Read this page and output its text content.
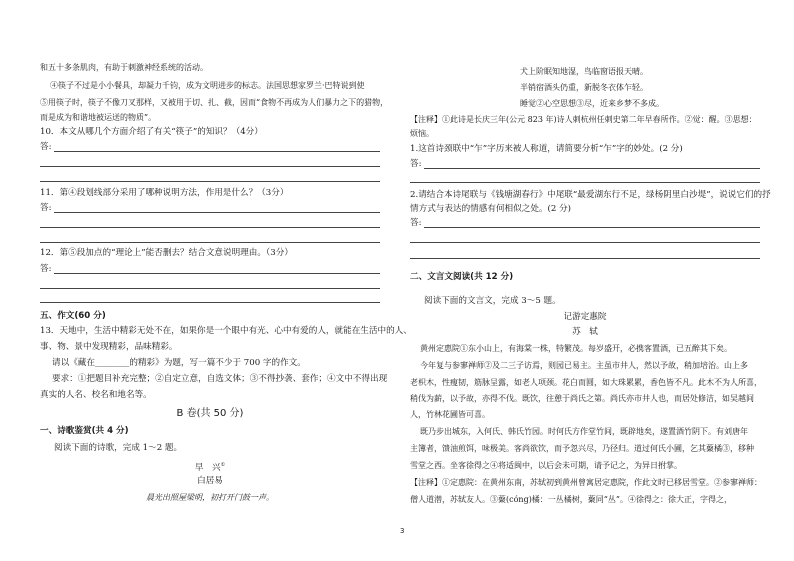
和五十多条肌肉，有助于刺激神经系统的活动。
④筷子不过是小小餐具，却凝力千钧，成为文明进步的标志。法国思想家罗兰·巴特说到使
⑤用筷子时，筷子不像刀叉那样，又被用于切、扎、截，因而“食物不再成为人们暴力之下的猎物，
而是成为和谐地被运送的物质”。
10．本文从哪几个方面介绍了有关“筷子”的知识？（4分）
答:
11．第④段划线部分采用了哪种说明方法，作用是什么？（3分）
答:
12．第⑤段加点的“理论上”能否删去？结合文意说明理由。（3分）
答:
五、作文(60 分)
13．天地中，生活中精彩无处不在，如果你是一个眼中有光、心中有爱的人，就能在生活中的人、
事、物、景中发现精彩，品味精彩。
请以《藏在________的精彩》为题，写一篇不少于 700 字的作文。
要求：①把题目补充完整；②自定立意，自选文体；③不得抄袭、套作；④文中不得出现
真实的人名、校名和地名等。
B 卷(共 50 分)
一、诗歌鉴赏(共 4 分)
阅读下面的诗歌，完成 1～2 题。
早　兴①
白居易
晨光出照屋梁明，初打开门鼓一声。
犬上阶眠知地湿，鸟临窗语报天晴。
半销宿酒头仍重，新脱冬衣体乍轻。
睡觉②心空思想③尽，近来乡梦不多成。
【注释】①此诗是长庆三年(公元 823 年)诗人刺杭州任刺史第二年早春所作。②觉：醒。③思想：
烦恼。
1.这首诗颈联中“乍”字历来被人称道，请简要分析“乍”字的妙处。(2 分)
答:
2.请结合本诗尾联与《钱塘湖春行》中尾联“最爱湖东行不足，绿杨阴里白沙堤”，说说它们的抒
情方式与表达的情感有何相似之处。(2 分)
答:
二、文言文阅读(共 12 分)
阅读下面的文言文，完成 3～5 题。
记游定惠院
苏　轼
黄州定惠院①东小山上，有海棠一株，特繁茂。每岁盛开，必携客置酒，已五醉其下矣。
今年复与参寥禅师②及二三子访焉，则园已易主。主虽市井人，然以予故，稍加培治。山上多
老枳木，性瘦韧，筋脉呈露，如老人项颈。花白而圆，如大珠累累，香色皆不凡。此木不为人所喜，
稍伐为薪，以予故，亦得不伐。既饮，往憩于尚氏之第。尚氏亦市井人也，而居处修洁，如吴越间
人，竹林花圃皆可喜。
既乃步出城东，入何氏、韩氏竹园。时何氏方作堂竹间，既辟地矣，遂置酒竹阴下。有刘唐年
主簿者，馈油煎饵，味极美。客尚欲饮，而予忽兴尽，乃径归。道过何氏小圃，乞其藂橘③，移种
雪堂之西。坐客徐得之④将适闽中，以后会未可期，请予记之，为异日拊掌。
【注释】①定惠院：在黄州东南，苏轼初到黄州曾寓居定惠院，作此文时已移居雪堂。②参寥禅师：
僧人道潜，苏轼友人。③藂(cóng)橘：一丛橘树，藂同“丛”。④徐得之：徐大正，字得之，
3
